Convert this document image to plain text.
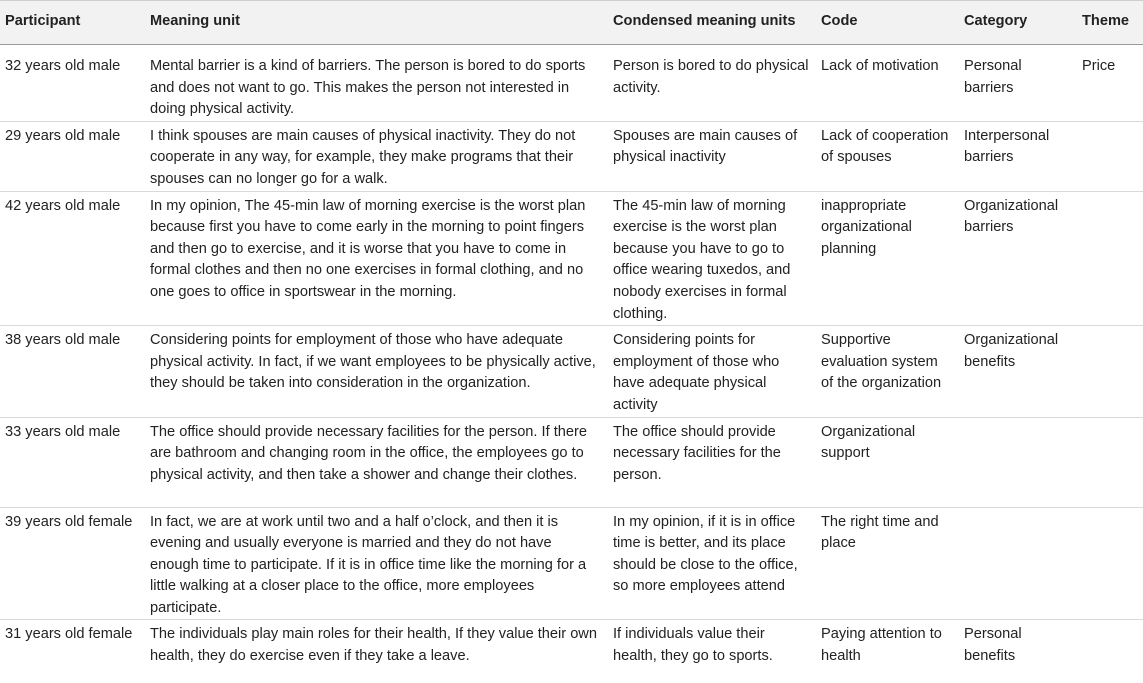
Participant	Meaning unit	Condensed meaning units	Code	Category	Theme
32 years old male	Mental barrier is a kind of barriers. The person is bored to do sports and does not want to go. This makes the person not interested in doing physical activity.	Person is bored to do physical activity.	Lack of motivation	Personal barriers	Price
29 years old male	I think spouses are main causes of physical inactivity. They do not cooperate in any way, for example, they make programs that their spouses can no longer go for a walk.	Spouses are main causes of physical inactivity	Lack of cooperation of spouses	Interpersonal barriers	
42 years old male	In my opinion, The 45-min law of morning exercise is the worst plan because first you have to come early in the morning to point fingers and then go to exercise, and it is worse that you have to come in formal clothes and then no one exercises in formal clothing, and no one goes to office in sportswear in the morning.	The 45-min law of morning exercise is the worst plan because you have to go to office wearing tuxedos, and nobody exercises in formal clothing.	inappropriate organizational planning	Organizational barriers	
38 years old male	Considering points for employment of those who have adequate physical activity. In fact, if we want employees to be physically active, they should be taken into consideration in the organization.	Considering points for employment of those who have adequate physical activity	Supportive evaluation system of the organization	Organizational benefits	
33 years old male	The office should provide necessary facilities for the person. If there are bathroom and changing room in the office, the employees go to physical activity, and then take a shower and change their clothes.	The office should provide necessary facilities for the person.	Organizational support		
39 years old female	In fact, we are at work until two and a half o’clock, and then it is evening and usually everyone is married and they do not have enough time to participate. If it is in office time like the morning for a little walking at a closer place to the office, more employees participate.	In my opinion, if it is in office time is better, and its place should be close to the office, so more employees attend	The right time and place		
31 years old female	The individuals play main roles for their health, If they value their own health, they do exercise even if they take a leave.	If individuals value their health, they go to sports.	Paying attention to health	Personal benefits	
